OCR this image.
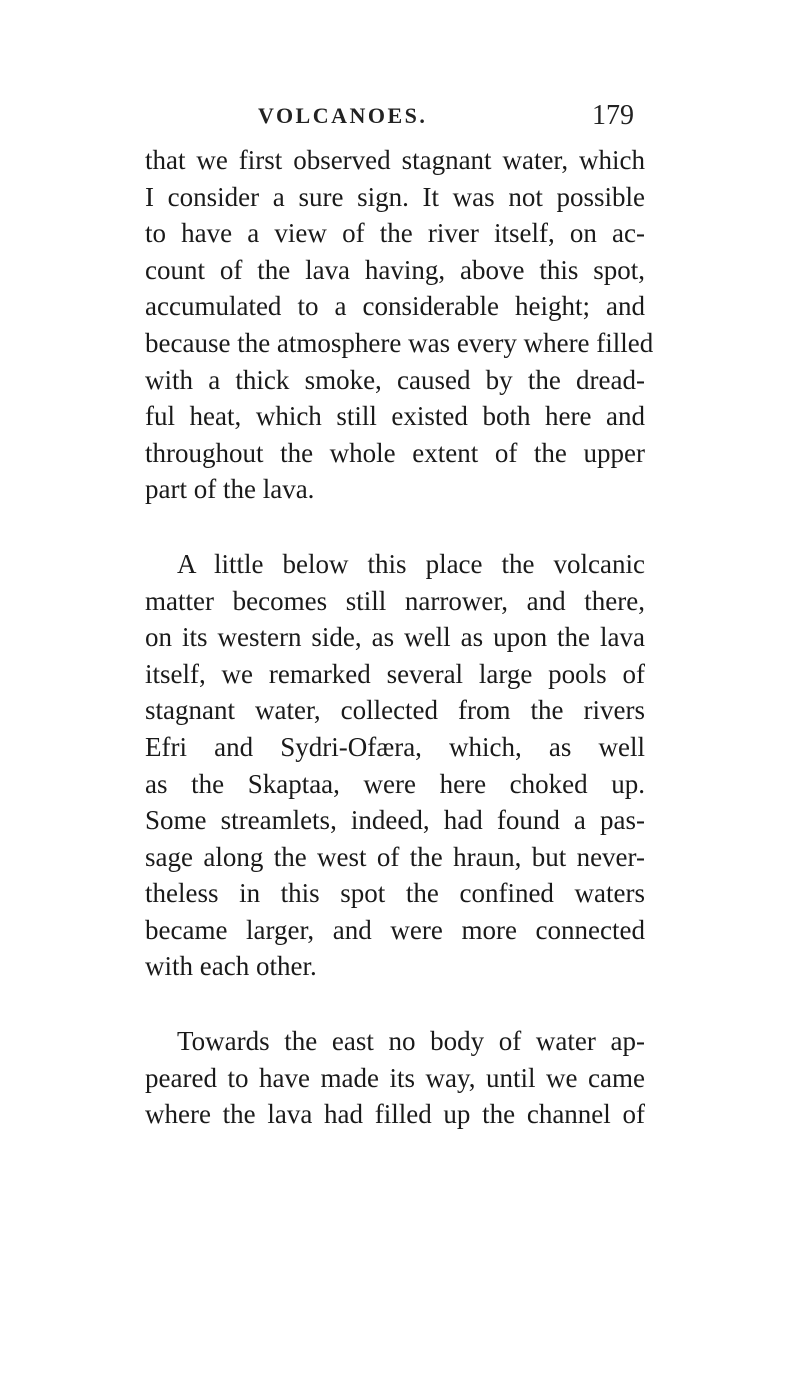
VOLCANOES.	179
that we first observed stagnant water, which
I consider a sure sign. It was not possible
to have a view of the river itself, on ac-
count of the lava having, above this spot,
accumulated to a considerable height; and
because the atmosphere was every where filled
with a thick smoke, caused by the dread-
ful heat, which still existed both here and
throughout the whole extent of the upper
part of the lava.
A little below this place the volcanic
matter becomes still narrower, and there,
on its western side, as well as upon the lava
itself, we remarked several large pools of
stagnant water, collected from the rivers
Efri and Sydri-Ofæra, which, as well
as the Skaptaa, were here choked up.
Some streamlets, indeed, had found a pas-
sage along the west of the hraun, but never-
theless in this spot the confined waters
became larger, and were more connected
with each other.
Towards the east no body of water ap-
peared to have made its way, until we came
where the lava had filled up the channel of
